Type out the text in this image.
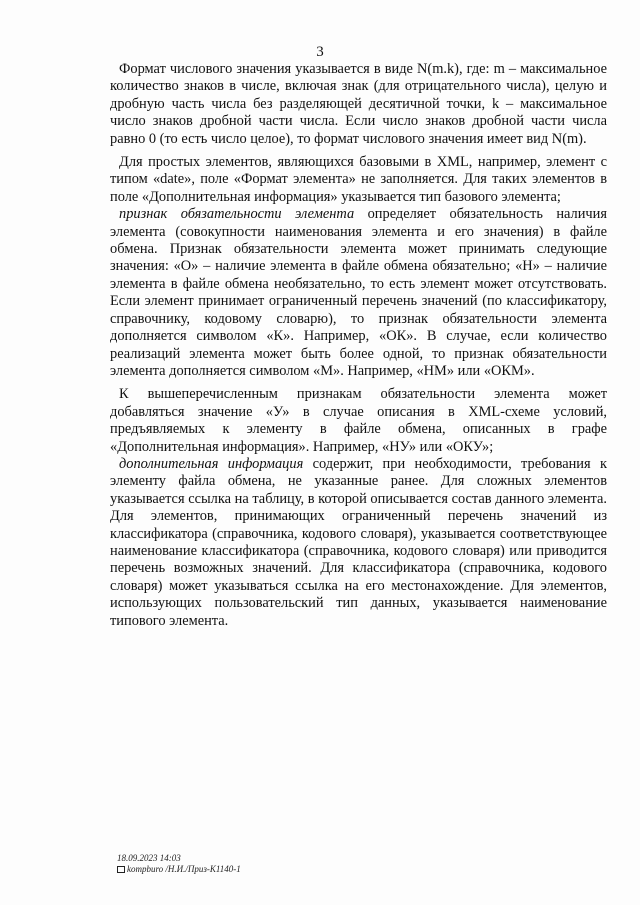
3

Формат числового значения указывается в виде N(m.k), где: m – максимальное количество знаков в числе, включая знак (для отрицательного числа), целую и дробную часть числа без разделяющей десятичной точки, k – максимальное число знаков дробной части числа. Если число знаков дробной части числа равно 0 (то есть число целое), то формат числового значения имеет вид N(m).

Для простых элементов, являющихся базовыми в XML, например, элемент с типом «date», поле «Формат элемента» не заполняется. Для таких элементов в поле «Дополнительная информация» указывается тип базового элемента;

признак обязательности элемента определяет обязательность наличия элемента (совокупности наименования элемента и его значения) в файле обмена. Признак обязательности элемента может принимать следующие значения: «О» – наличие элемента в файле обмена обязательно; «Н» – наличие элемента в файле обмена необязательно, то есть элемент может отсутствовать. Если элемент принимает ограниченный перечень значений (по классификатору, справочнику, кодовому словарю), то признак обязательности элемента дополняется символом «К». Например, «ОК». В случае, если количество реализаций элемента может быть более одной, то признак обязательности элемента дополняется символом «М». Например, «НМ» или «ОКМ».

К вышеперечисленным признакам обязательности элемента может добавляться значение «У» в случае описания в XML-схеме условий, предъявляемых к элементу в файле обмена, описанных в графе «Дополнительная информация». Например, «НУ» или «ОКУ»;

дополнительная информация содержит, при необходимости, требования к элементу файла обмена, не указанные ранее. Для сложных элементов указывается ссылка на таблицу, в которой описывается состав данного элемента. Для элементов, принимающих ограниченный перечень значений из классификатора (справочника, кодового словаря), указывается соответствующее наименование классификатора (справочника, кодового словаря) или приводится перечень возможных значений. Для классификатора (справочника, кодового словаря) может указываться ссылка на его местонахождение. Для элементов, использующих пользовательский тип данных, указывается наименование типового элемента.

18.09.2023 14:03
kompburo /Н.И./Приз-К1140-1
